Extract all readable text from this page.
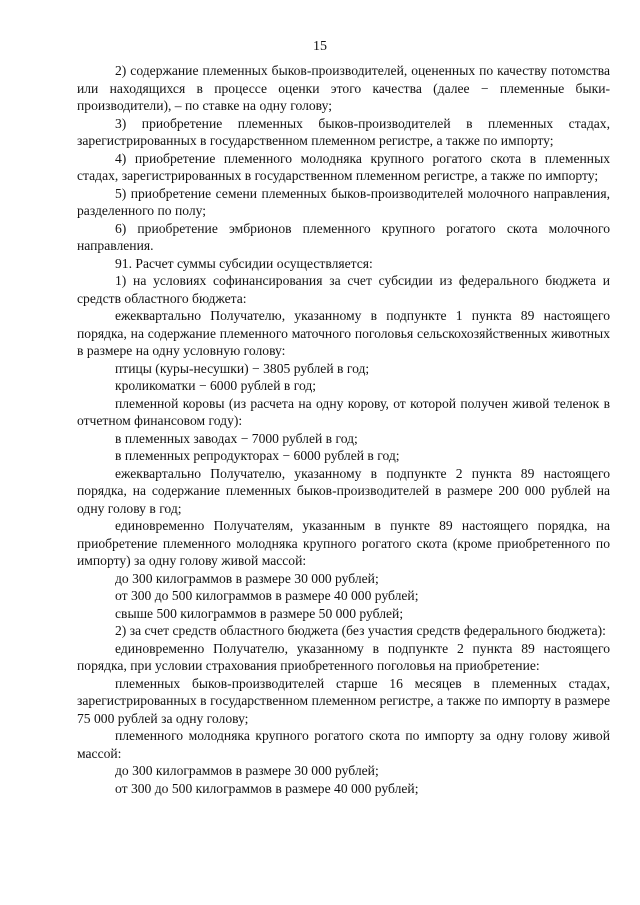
15

2) содержание племенных быков-производителей, оцененных по качеству потомства или находящихся в процессе оценки этого качества (далее − племенные быки-производители), – по ставке на одну голову;

3) приобретение племенных быков-производителей в племенных стадах, зарегистрированных в государственном племенном регистре, а также по импорту;

4) приобретение племенного молодняка крупного рогатого скота в племенных стадах, зарегистрированных в государственном племенном регистре, а также по импорту;

5) приобретение семени племенных быков-производителей молочного направления, разделенного по полу;

6) приобретение эмбрионов племенного крупного рогатого скота молочного направления.

91. Расчет суммы субсидии осуществляется:

1) на условиях софинансирования за счет субсидии из федерального бюджета и средств областного бюджета:

ежеквартально Получателю, указанному в подпункте 1 пункта 89 настоящего порядка, на содержание племенного маточного поголовья сельскохозяйственных животных в размере на одну условную голову:

птицы (куры-несушки) − 3805 рублей в год;

кроликоматки − 6000 рублей в год;

племенной коровы (из расчета на одну корову, от которой получен живой теленок в отчетном финансовом году):

в племенных заводах − 7000 рублей в год;

в племенных репродукторах − 6000 рублей в год;

ежеквартально Получателю, указанному в подпункте 2 пункта 89 настоящего порядка, на содержание племенных быков-производителей в размере 200 000 рублей на одну голову в год;

единовременно Получателям, указанным в пункте 89 настоящего порядка, на приобретение племенного молодняка крупного рогатого скота (кроме приобретенного по импорту) за одну голову живой массой:

до 300 килограммов в размере 30 000 рублей;

от 300 до 500 килограммов в размере 40 000 рублей;

свыше 500 килограммов в размере 50 000 рублей;

2) за счет средств областного бюджета (без участия средств федерального бюджета):

единовременно Получателю, указанному в подпункте 2 пункта 89 настоящего порядка, при условии страхования приобретенного поголовья на приобретение:

племенных быков-производителей старше 16 месяцев в племенных стадах, зарегистрированных в государственном племенном регистре, а также по импорту в размере 75 000 рублей за одну голову;

племенного молодняка крупного рогатого скота по импорту за одну голову живой массой:

до 300 килограммов в размере 30 000 рублей;

от 300 до 500 килограммов в размере 40 000 рублей;
